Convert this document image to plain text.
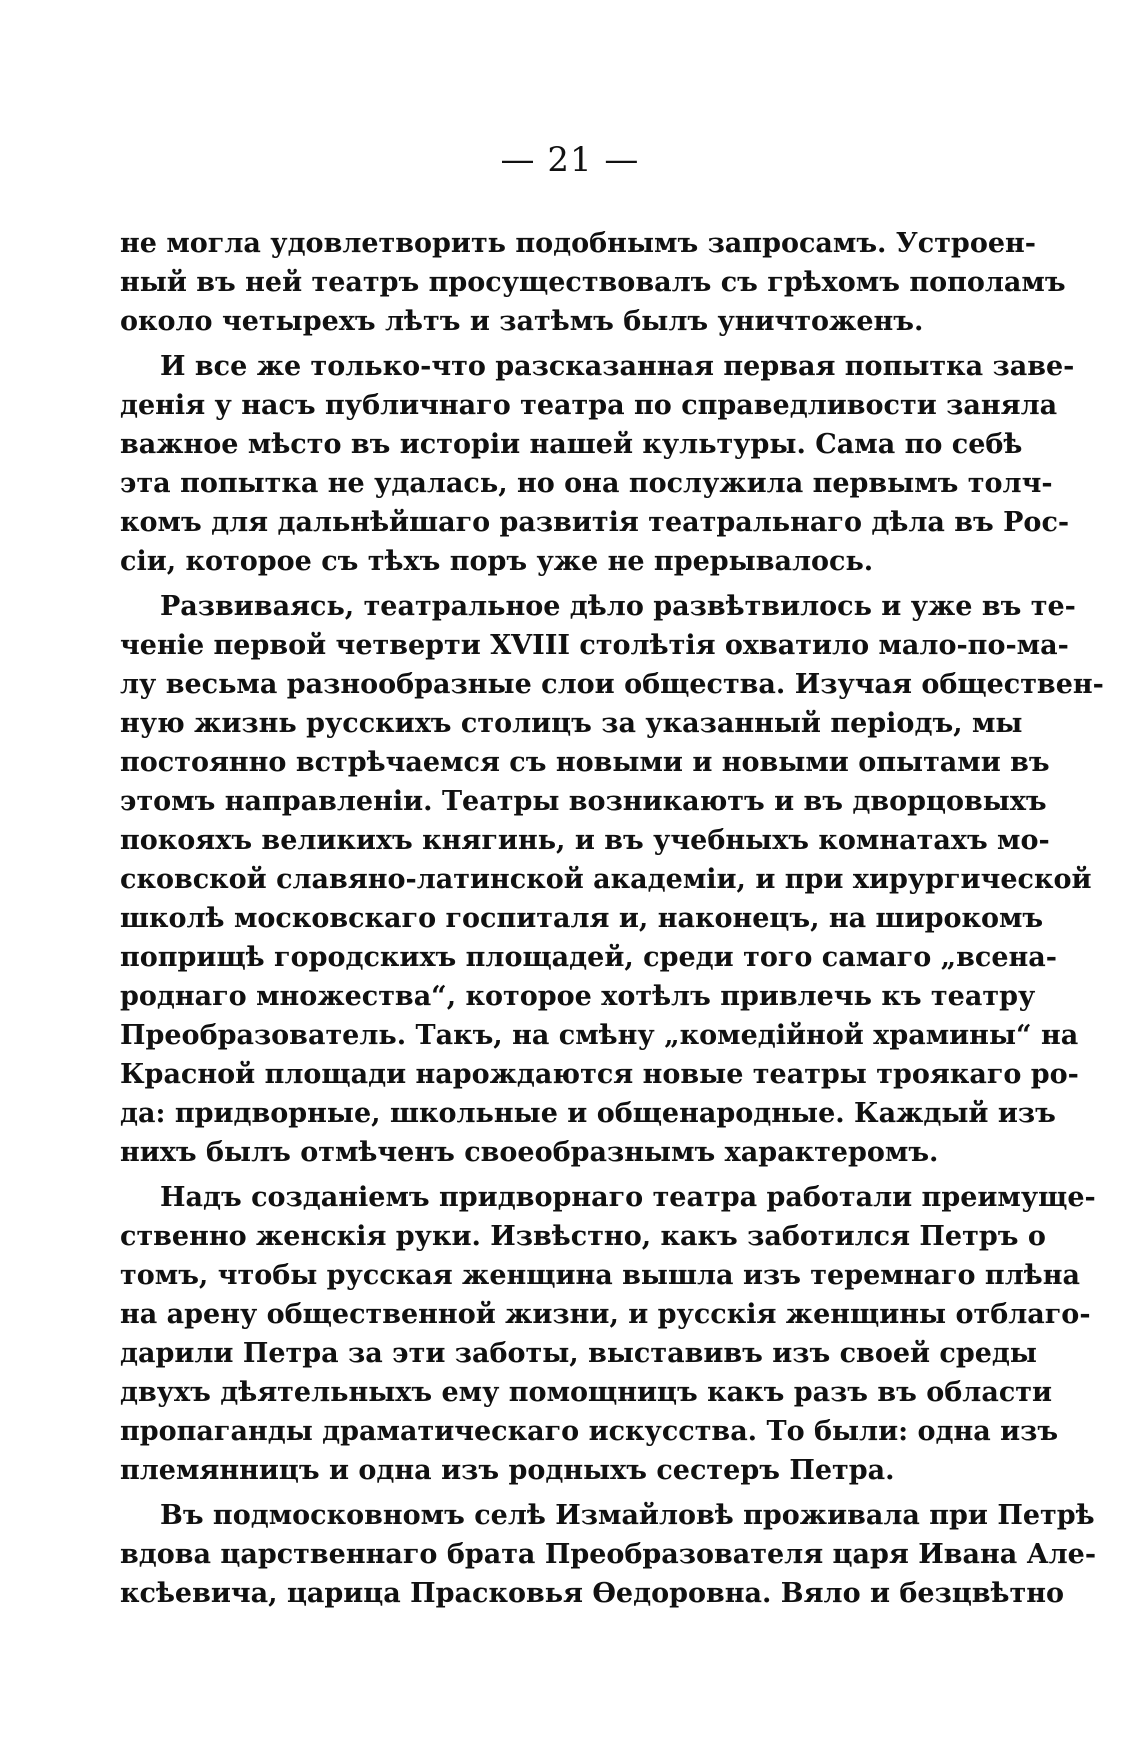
— 21 —
не могла удовлетворить подобнымъ запросамъ. Устроен-
ный въ ней театръ просуществовалъ съ грѣхомъ пополамъ
около четырехъ лѣтъ и затѣмъ былъ уничтоженъ.
И все же только-что разсказанная первая попытка заве-
денія у насъ публичнаго театра по справедливости заняла
важное мѣсто въ исторіи нашей культуры. Сама по себѣ
эта попытка не удалась, но она послужила первымъ толч-
комъ для дальнѣйшаго развитія театральнаго дѣла въ Рос-
сіи, которое съ тѣхъ поръ уже не прерывалось.
Развиваясь, театральное дѣло развѣтвилось и уже въ те-
ченіе первой четверти XVIII столѣтія охватило мало-по-ма-
лу весьма разнообразные слои общества. Изучая обществен-
ную жизнь русскихъ столицъ за указанный періодъ, мы
постоянно встрѣчаемся съ новыми и новыми опытами въ
этомъ направленіи. Театры возникаютъ и въ дворцовыхъ
покояхъ великихъ княгинь, и въ учебныхъ комнатахъ мо-
сковской славяно-латинской академіи, и при хирургической
школѣ московскаго госпиталя и, наконецъ, на широкомъ
поприщѣ городскихъ площадей, среди того самаго „всена-
роднаго множества“, которое хотѣлъ привлечь къ театру
Преобразователь. Такъ, на смѣну „комедійной храмины“ на
Красной площади нарождаются новые театры троякаго ро-
да: придворные, школьные и общенародные. Каждый изъ
нихъ былъ отмѣченъ своеобразнымъ характеромъ.
Надъ созданіемъ придворнаго театра работали преимуще-
ственно женскія руки. Извѣстно, какъ заботился Петръ о
томъ, чтобы русская женщина вышла изъ теремнаго плѣна
на арену общественной жизни, и русскія женщины отблаго-
дарили Петра за эти заботы, выставивъ изъ своей среды
двухъ дѣятельныхъ ему помощницъ какъ разъ въ области
пропаганды драматическаго искусства. То были: одна изъ
племянницъ и одна изъ родныхъ сестеръ Петра.
Въ подмосковномъ селѣ Измайловѣ проживала при Петрѣ
вдова царственнаго брата Преобразователя царя Ивана Але-
ксѣевича, царица Прасковья Ѳедоровна. Вяло и безцвѣтно
